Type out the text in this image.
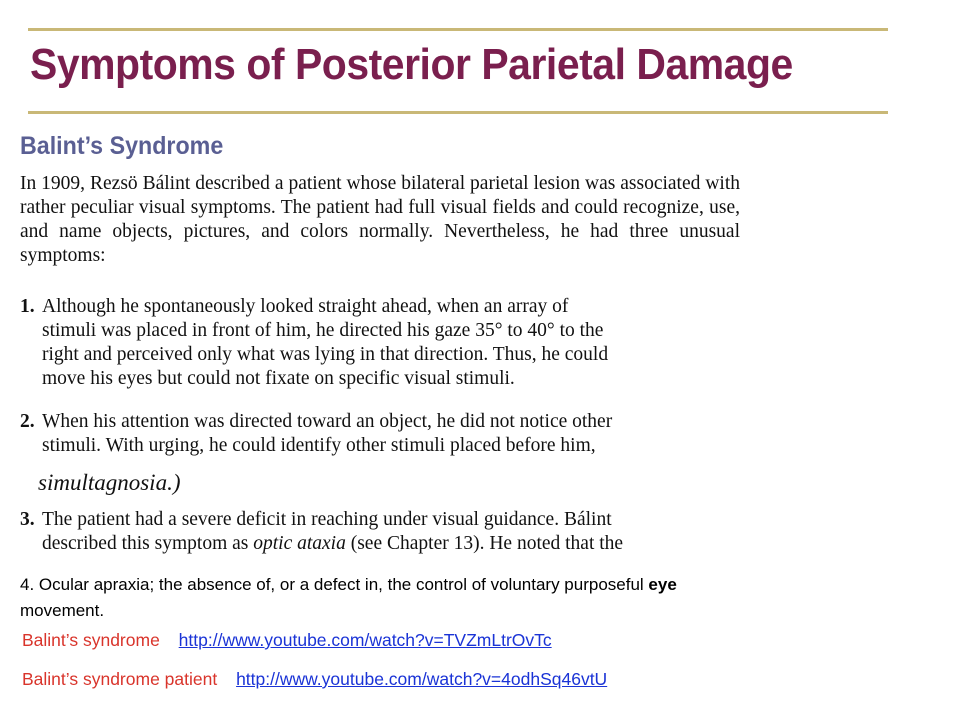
Symptoms of Posterior Parietal Damage
Balint’s Syndrome

In 1909, Rezsö Bálint described a patient whose bilateral parietal lesion was associated with rather peculiar visual symptoms. The patient had full visual fields and could recognize, use, and name objects, pictures, and colors normally. Nevertheless, he had three unusual symptoms:

1. Although he spontaneously looked straight ahead, when an array of
stimuli was placed in front of him, he directed his gaze 35° to 40° to the
right and perceived only what was lying in that direction. Thus, he could
move his eyes but could not fixate on specific visual stimuli.
2. When his attention was directed toward an object, he did not notice other
stimuli. With urging, he could identify other stimuli placed before him,

simultagnosia.)

3. The patient had a severe deficit in reaching under visual guidance. Bálint
described this symptom as optic ataxia (see Chapter 13). He noted that the

4. Ocular apraxia; the absence of, or a defect in, the control of voluntary purposeful eye movement.

Balint’s syndrome http://www.youtube.com/watch?v=TVZmLtrOvTc

Balint’s syndrome patient http://www.youtube.com/watch?v=4odhSq46vtU
